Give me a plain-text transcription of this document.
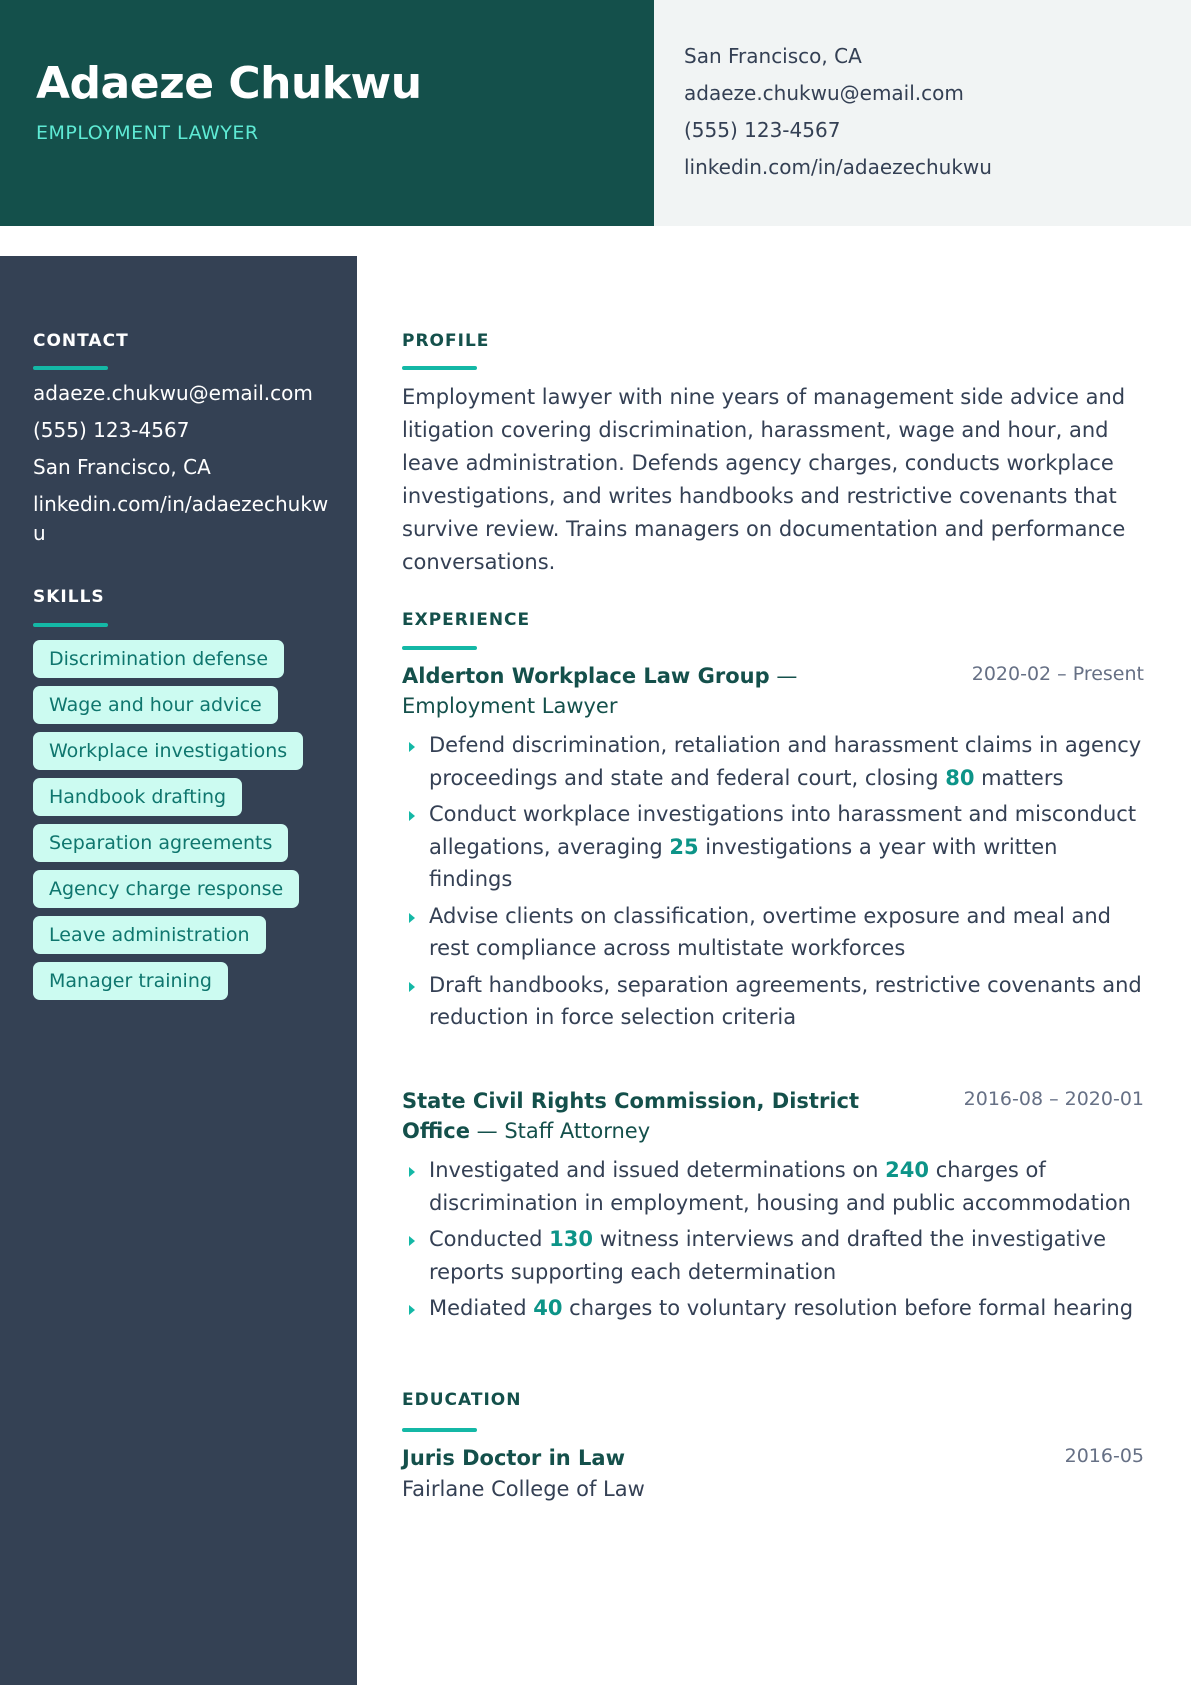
Adaeze Chukwu
EMPLOYMENT LAWYER
San Francisco, CA
adaeze.chukwu@email.com
(555) 123-4567
linkedin.com/in/adaezechukwu
CONTACT
adaeze.chukwu@email.com
(555) 123-4567
San Francisco, CA
linkedin.com/in/adaezechukwu
SKILLS
Discrimination defense
Wage and hour advice
Workplace investigations
Handbook drafting
Separation agreements
Agency charge response
Leave administration
Manager training
PROFILE
Employment lawyer with nine years of management side advice and litigation covering discrimination, harassment, wage and hour, and leave administration. Defends agency charges, conducts workplace investigations, and writes handbooks and restrictive covenants that survive review. Trains managers on documentation and performance conversations.
EXPERIENCE
Alderton Workplace Law Group — Employment Lawyer
2020-02 – Present
Defend discrimination, retaliation and harassment claims in agency proceedings and state and federal court, closing 80 matters
Conduct workplace investigations into harassment and misconduct allegations, averaging 25 investigations a year with written findings
Advise clients on classification, overtime exposure and meal and rest compliance across multistate workforces
Draft handbooks, separation agreements, restrictive covenants and reduction in force selection criteria
State Civil Rights Commission, District Office — Staff Attorney
2016-08 – 2020-01
Investigated and issued determinations on 240 charges of discrimination in employment, housing and public accommodation
Conducted 130 witness interviews and drafted the investigative reports supporting each determination
Mediated 40 charges to voluntary resolution before formal hearing
EDUCATION
Juris Doctor in Law
Fairlane College of Law
2016-05
